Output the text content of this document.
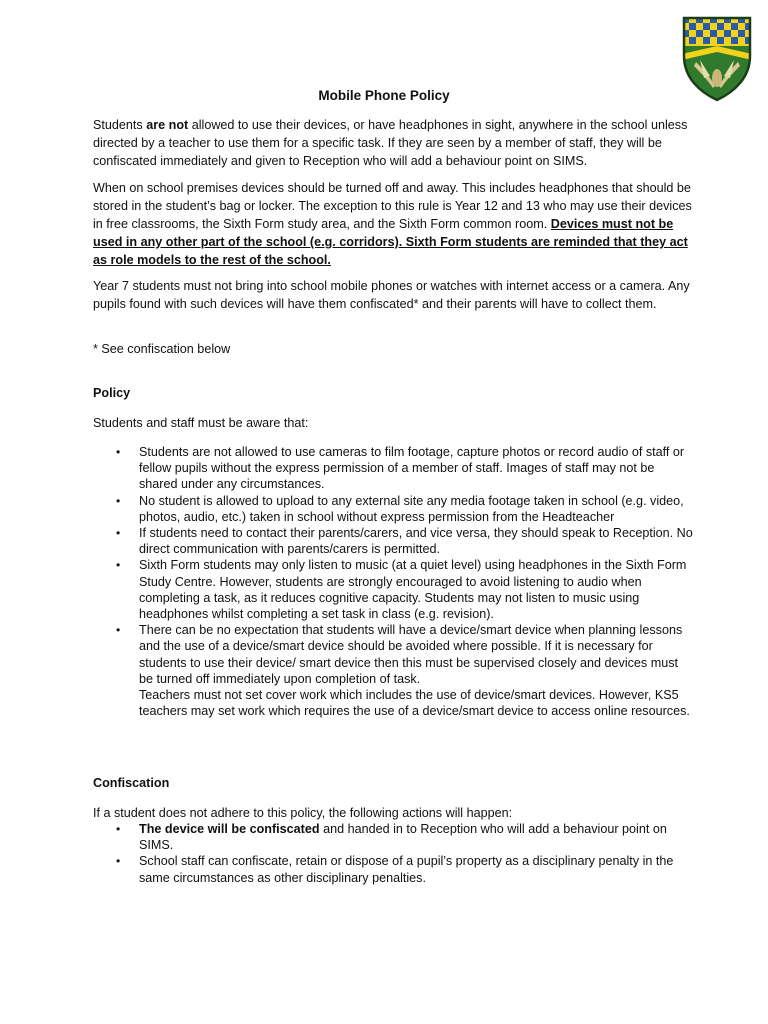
Mobile Phone Policy

Students are not allowed to use their devices, or have headphones in sight, anywhere in the school unless directed by a teacher to use them for a specific task. If they are seen by a member of staff, they will be confiscated immediately and given to Reception who will add a behaviour point on SIMS.

When on school premises devices should be turned off and away. This includes headphones that should be stored in the student’s bag or locker. The exception to this rule is Year 12 and 13 who may use their devices in free classrooms, the Sixth Form study area, and the Sixth Form common room. Devices must not be used in any other part of the school (e.g. corridors). Sixth Form students are reminded that they act as role models to the rest of the school.

Year 7 students must not bring into school mobile phones or watches with internet access or a camera. Any pupils found with such devices will have them confiscated* and their parents will have to collect them.

* See confiscation below

Policy
Students and staff must be aware that:
• Students are not allowed to use cameras to film footage, capture photos or record audio of staff or fellow pupils without the express permission of a member of staff. Images of staff may not be shared under any circumstances.
• No student is allowed to upload to any external site any media footage taken in school (e.g. video, photos, audio, etc.) taken in school without express permission from the Headteacher
• If students need to contact their parents/carers, and vice versa, they should speak to Reception. No direct communication with parents/carers is permitted.
• Sixth Form students may only listen to music (at a quiet level) using headphones in the Sixth Form Study Centre. However, students are strongly encouraged to avoid listening to audio when completing a task, as it reduces cognitive capacity. Students may not listen to music using headphones whilst completing a set task in class (e.g. revision).
• There can be no expectation that students will have a device/smart device when planning lessons and the use of a device/smart device should be avoided where possible. If it is necessary for students to use their device/ smart device then this must be supervised closely and devices must be turned off immediately upon completion of task.
Teachers must not set cover work which includes the use of device/smart devices. However, KS5 teachers may set work which requires the use of a device/smart device to access online resources.
Confiscation
If a student does not adhere to this policy, the following actions will happen:
• The device will be confiscated and handed in to Reception who will add a behaviour point on SIMS.
• School staff can confiscate, retain or dispose of a pupil’s property as a disciplinary penalty in the same circumstances as other disciplinary penalties.
